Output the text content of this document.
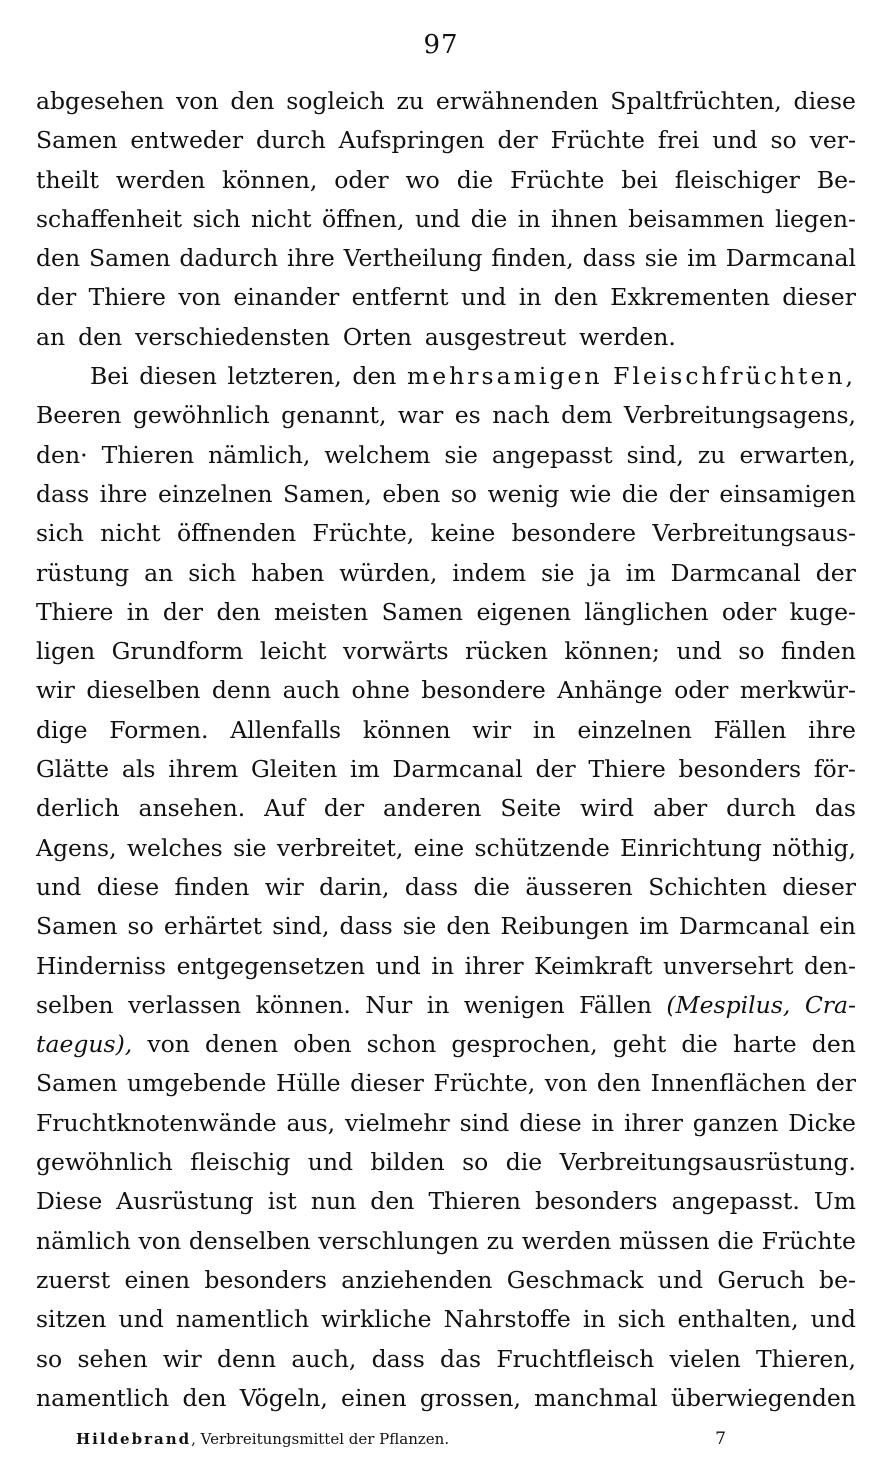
97
abgesehen von den sogleich zu erwähnenden Spaltfrüchten, diese
Samen entweder durch Aufspringen der Früchte frei und so ver-
theilt werden können, oder wo die Früchte bei fleischiger Be-
schaffenheit sich nicht öffnen, und die in ihnen beisammen liegen-
den Samen dadurch ihre Vertheilung finden, dass sie im Darmcanal
der Thiere von einander entfernt und in den Exkrementen dieser
an den verschiedensten Orten ausgestreut werden.
Bei diesen letzteren, den mehrsamigen Fleischfrüchten,
Beeren gewöhnlich genannt, war es nach dem Verbreitungsagens,
den· Thieren nämlich, welchem sie angepasst sind, zu erwarten,
dass ihre einzelnen Samen, eben so wenig wie die der einsamigen
sich nicht öffnenden Früchte, keine besondere Verbreitungsaus-
rüstung an sich haben würden, indem sie ja im Darmcanal der
Thiere in der den meisten Samen eigenen länglichen oder kuge-
ligen Grundform leicht vorwärts rücken können; und so finden
wir dieselben denn auch ohne besondere Anhänge oder merkwür-
dige Formen. Allenfalls können wir in einzelnen Fällen ihre
Glätte als ihrem Gleiten im Darmcanal der Thiere besonders för-
derlich ansehen. Auf der anderen Seite wird aber durch das
Agens, welches sie verbreitet, eine schützende Einrichtung nöthig,
und diese finden wir darin, dass die äusseren Schichten dieser
Samen so erhärtet sind, dass sie den Reibungen im Darmcanal ein
Hinderniss entgegensetzen und in ihrer Keimkraft unversehrt den-
selben verlassen können. Nur in wenigen Fällen (Mespilus, Cra-
taegus), von denen oben schon gesprochen, geht die harte den
Samen umgebende Hülle dieser Früchte, von den Innenflächen der
Fruchtknotenwände aus, vielmehr sind diese in ihrer ganzen Dicke
gewöhnlich fleischig und bilden so die Verbreitungsausrüstung.
Diese Ausrüstung ist nun den Thieren besonders angepasst. Um
nämlich von denselben verschlungen zu werden müssen die Früchte
zuerst einen besonders anziehenden Geschmack und Geruch be-
sitzen und namentlich wirkliche Nahrstoffe in sich enthalten, und
so sehen wir denn auch, dass das Fruchtfleisch vielen Thieren,
namentlich den Vögeln, einen grossen, manchmal überwiegenden
Hildebrand, Verbreitungsmittel der Pflanzen.	7
